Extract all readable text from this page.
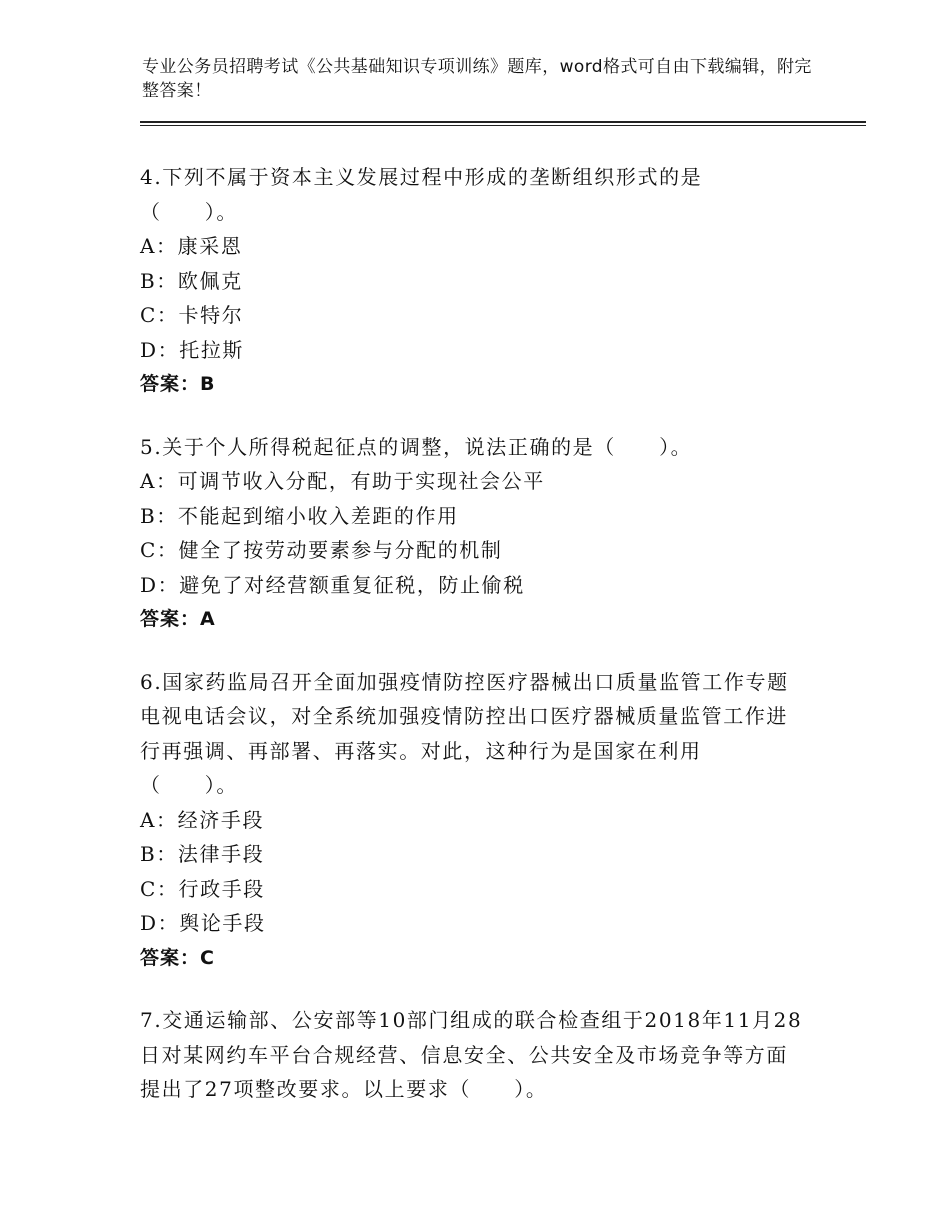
专业公务员招聘考试《公共基础知识专项训练》题库，word格式可自由下载编辑，附完整答案！
4.下列不属于资本主义发展过程中形成的垄断组织形式的是
（　　）。
A：康采恩
B：欧佩克
C：卡特尔
D：托拉斯
答案：B
5.关于个人所得税起征点的调整，说法正确的是（　　）。
A：可调节收入分配，有助于实现社会公平
B：不能起到缩小收入差距的作用
C：健全了按劳动要素参与分配的机制
D：避免了对经营额重复征税，防止偷税
答案：A
6.国家药监局召开全面加强疫情防控医疗器械出口质量监管工作专题
电视电话会议，对全系统加强疫情防控出口医疗器械质量监管工作进
行再强调、再部署、再落实。对此，这种行为是国家在利用
（　　）。
A：经济手段
B：法律手段
C：行政手段
D：舆论手段
答案：C
7.交通运输部、公安部等10部门组成的联合检查组于2018年11月28
日对某网约车平台合规经营、信息安全、公共安全及市场竞争等方面
提出了27项整改要求。以上要求（　　）。
